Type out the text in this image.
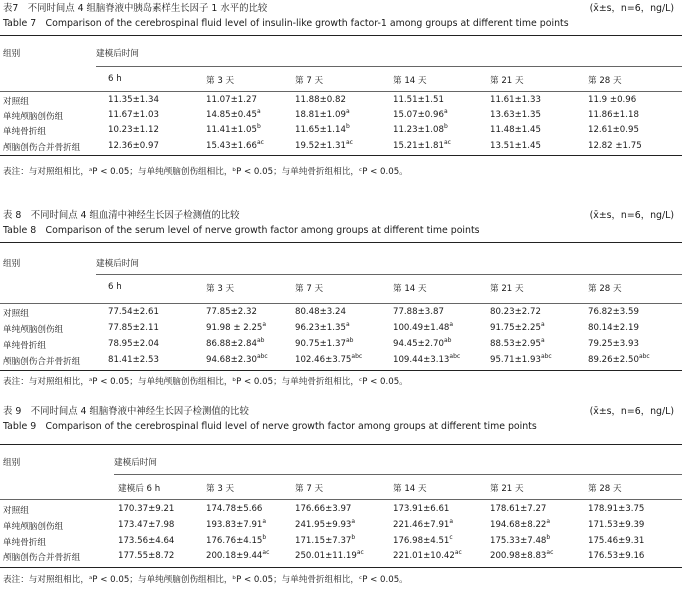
表7　不同时间点 4 组脑脊液中胰岛素样生长因子 1 水平的比较
Table 7　Comparison of the cerebrospinal fluid level of insulin-like growth factor-1 among groups at different time points
(x̄±s，n=6，ng/L)
组别	建模后时间
6 h	第 3 天	第 7 天	第 14 天	第 21 天	第 28 天
对照组	11.35±1.34	11.07±1.27	11.88±0.82	11.51±1.51	11.61±1.33	11.9 ±0.96
单纯颅脑创伤组	11.67±1.03	14.85±0.45$^a$	18.81±1.09$^a$	15.07±0.96$^a$	13.63±1.35	11.86±1.18
单纯骨折组	10.23±1.12	11.41±1.05$^b$	11.65±1.14$^b$	11.23±1.08$^b$	11.48±1.45	12.61±0.95
颅脑创伤合并骨折组	12.36±0.97	15.43±1.66$^{ac}$	19.52±1.31$^{ac}$	15.21±1.81$^{ac}$	13.51±1.45	12.82 ±1.75
表注：与对照组相比，ᵃP < 0.05；与单纯颅脑创伤组相比，ᵇP < 0.05；与单纯骨折组相比，ᶜP < 0.05。
表 8　不同时间点 4 组血清中神经生长因子检测值的比较
Table 8　Comparison of the serum level of nerve growth factor among groups at different time points
(x̄±s，n=6，ng/L)
组别	建模后时间
6 h	第 3 天	第 7 天	第 14 天	第 21 天	第 28 天
对照组	77.54±2.61	77.85±2.32	80.48±3.24	77.88±3.87	80.23±2.72	76.82±3.59
单纯颅脑创伤组	77.85±2.11	91.98 ± 2.25$^a$	96.23±1.35$^a$	100.49±1.48$^a$	91.75±2.25$^a$	80.14±2.19
单纯骨折组	78.95±2.04	86.88±2.84$^{ab}$	90.75±1.37$^{ab}$	94.45±2.70$^{ab}$	88.53±2.95$^a$	79.25±3.93
颅脑创伤合并骨折组	81.41±2.53	94.68±2.30$^{abc}$	102.46±3.75$^{abc}$	109.44±3.13$^{abc}$	95.71±1.93$^{abc}$	89.26±2.50$^{abc}$
表注：与对照组相比，ᵃP < 0.05；与单纯颅脑创伤组相比，ᵇP < 0.05；与单纯骨折组相比，ᶜP < 0.05。
表 9　不同时间点 4 组脑脊液中神经生长因子检测值的比较
Table 9　Comparison of the cerebrospinal fluid level of nerve growth factor among groups at different time points
(x̄±s，n=6，ng/L)
组别	建模后时间
建模后 6 h	第 3 天	第 7 天	第 14 天	第 21 天	第 28 天
对照组	170.37±9.21	174.78±5.66	176.66±3.97	173.91±6.61	178.61±7.27	178.91±3.75
单纯颅脑创伤组	173.47±7.98	193.83±7.91$^a$	241.95±9.93$^a$	221.46±7.91$^a$	194.68±8.22$^a$	171.53±9.39
单纯骨折组	173.56±4.64	176.76±4.15$^b$	171.15±7.37$^b$	176.98±4.51$^c$	175.33±7.48$^b$	175.46±9.31
颅脑创伤合并骨折组	177.55±8.72	200.18±9.44$^{ac}$	250.01±11.19$^{ac}$	221.01±10.42$^{ac}$	200.98±8.83$^{ac}$	176.53±9.16
表注：与对照组相比，ᵃP < 0.05；与单纯颅脑创伤组相比，ᵇP < 0.05；与单纯骨折组相比，ᶜP < 0.05。
